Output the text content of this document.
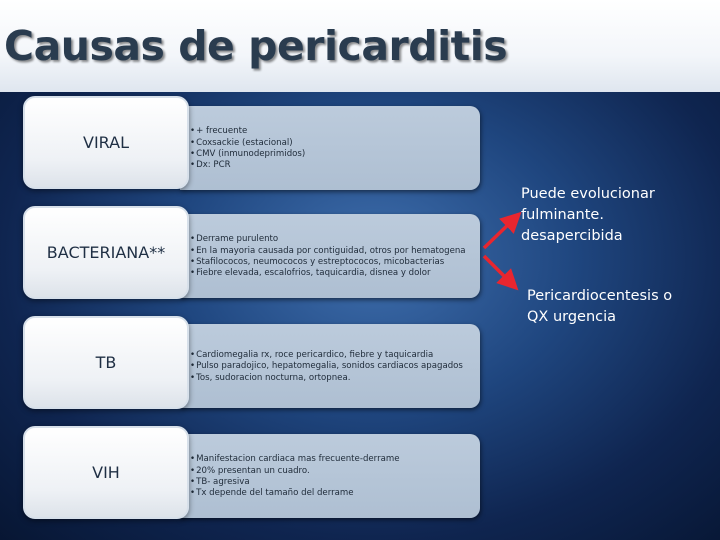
Causas de pericarditis
• + frecuente
• Coxsackie (estacional)
• CMV (inmunodeprimidos)
• Dx: PCR
VIRAL
• Derrame purulento
• En la mayoria causada por contiguidad, otros por hematogena
• Stafilococos, neumococos y estreptococos, micobacterias
• Fiebre elevada, escalofrios, taquicardia, disnea y dolor
BACTERIANA**
• Cardiomegalia rx, roce pericardico, fiebre y taquicardia
• Pulso paradojico, hepatomegalia, sonidos cardiacos apagados
• Tos, sudoracion nocturna, ortopnea.
TB
• Manifestacion cardiaca mas frecuente-derrame
• 20% presentan un cuadro.
• TB- agresiva
• Tx depende del tamaño del derrame
VIH

Puede evolucionar
fulminante.
desapercibida

Pericardiocentesis o
QX urgencia
